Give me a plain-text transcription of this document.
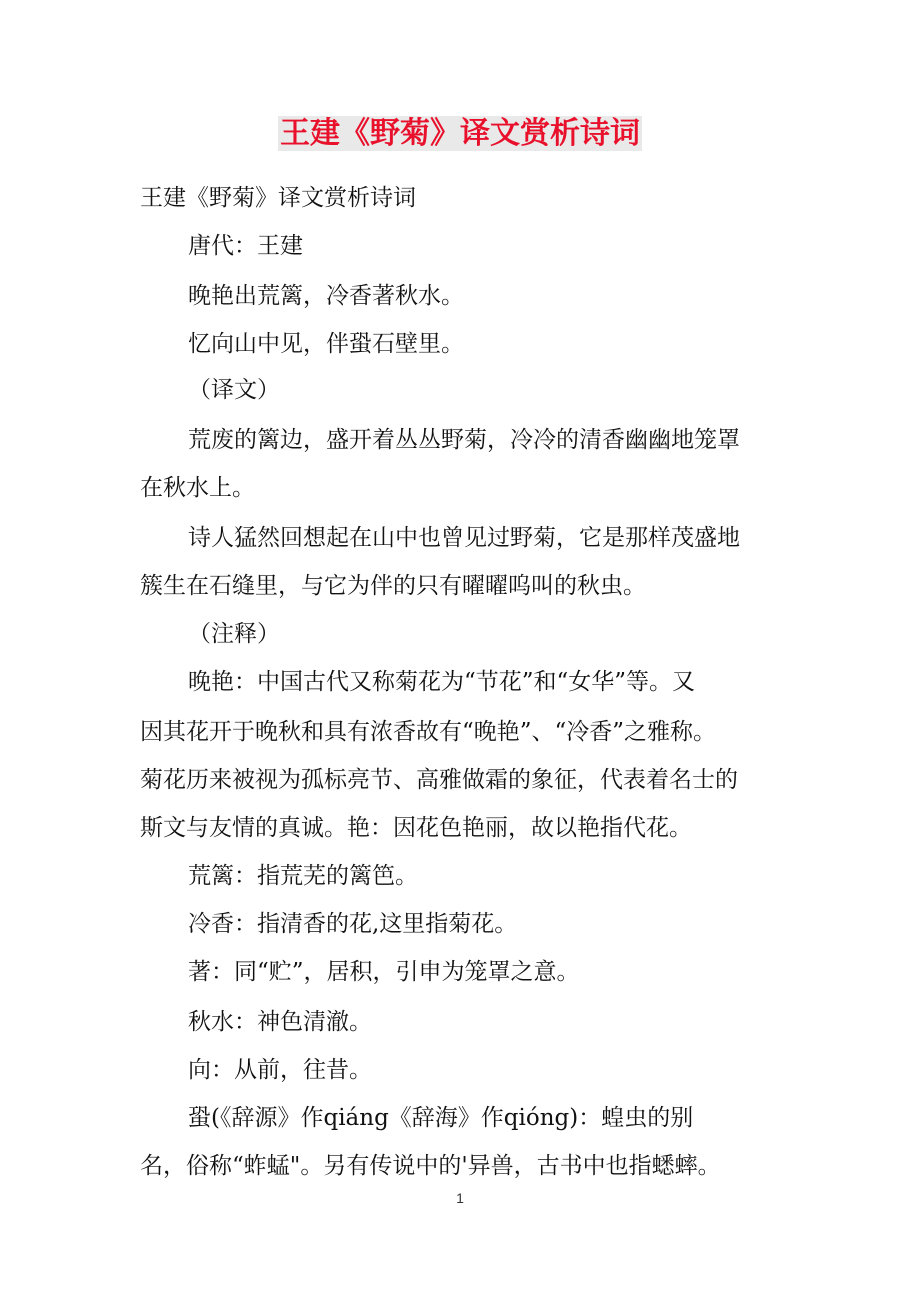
王建《野菊》译文赏析诗词

王建《野菊》译文赏析诗词

唐代：王建

晚艳出荒篱，冷香著秋水。

忆向山中见，伴蛩石壁里。

（译文）

荒废的篱边，盛开着丛丛野菊，冷冷的清香幽幽地笼罩

在秋水上。

诗人猛然回想起在山中也曾见过野菊，它是那样茂盛地

簇生在石缝里，与它为伴的只有曜曜呜叫的秋虫。

（注释）

晚艳：中国古代又称菊花为“节花”和“女华”等。又

因其花开于晚秋和具有浓香故有“晚艳”、“冷香”之雅称。

菊花历来被视为孤标亮节、高雅做霜的象征，代表着名士的

斯文与友情的真诚。艳：因花色艳丽，故以艳指代花。

荒篱：指荒芜的篱笆。

冷香：指清香的花,这里指菊花。

著：同“贮”，居积，引申为笼罩之意。

秋水：神色清澈。

向：从前，往昔。

蛩(《辞源》作qiáng《辞海》作qióng)：蝗虫的别

名，俗称“蚱蜢"。另有传说中的'异兽，古书中也指蟋蟀。

1
